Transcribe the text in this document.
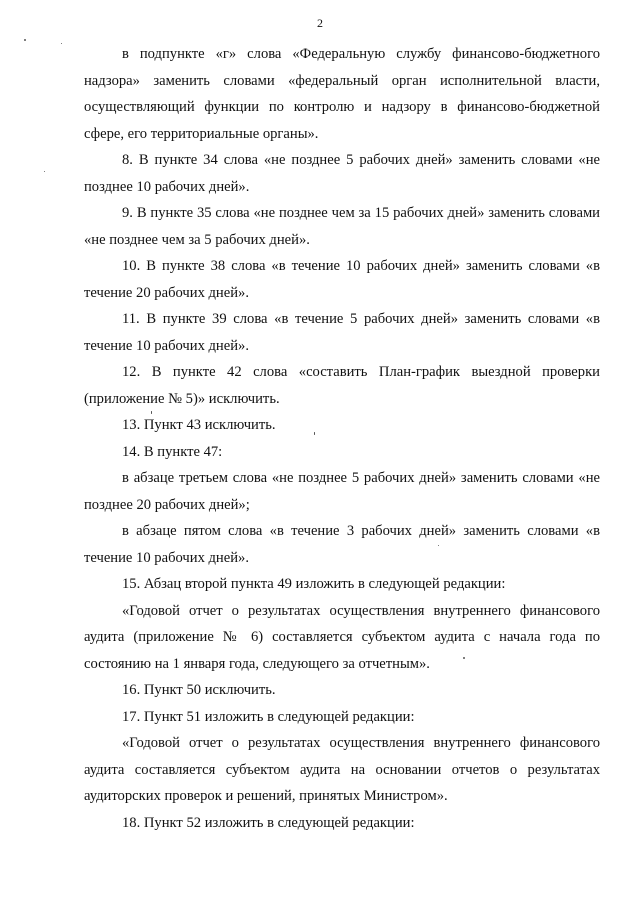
2

в подпункте «г» слова «Федеральную службу финансово-бюджетного надзора» заменить словами «федеральный орган исполнительной власти, осуществляющий функции по контролю и надзору в финансово-бюджетной сфере, его территориальные органы».

8. В пункте 34 слова «не позднее 5 рабочих дней» заменить словами «не позднее 10 рабочих дней».

9. В пункте 35 слова «не позднее чем за 15 рабочих дней» заменить словами «не позднее чем за 5 рабочих дней».

10. В пункте 38 слова «в течение 10 рабочих дней» заменить словами «в течение 20 рабочих дней».

11. В пункте 39 слова «в течение 5 рабочих дней» заменить словами «в течение 10 рабочих дней».

12. В пункте 42 слова «составить План-график выездной проверки (приложение № 5)» исключить.

13. Пункт 43 исключить.

14. В пункте 47:

в абзаце третьем слова «не позднее 5 рабочих дней» заменить словами «не позднее 20 рабочих дней»;

в абзаце пятом слова «в течение 3 рабочих дней» заменить словами «в течение 10 рабочих дней».

15. Абзац второй пункта 49 изложить в следующей редакции:

«Годовой отчет о результатах осуществления внутреннего финансового аудита (приложение № 6) составляется субъектом аудита с начала года по состоянию на 1 января года, следующего за отчетным».

16. Пункт 50 исключить.

17. Пункт 51 изложить в следующей редакции:

«Годовой отчет о результатах осуществления внутреннего финансового аудита составляется субъектом аудита на основании отчетов о результатах аудиторских проверок и решений, принятых Министром».

18. Пункт 52 изложить в следующей редакции:
